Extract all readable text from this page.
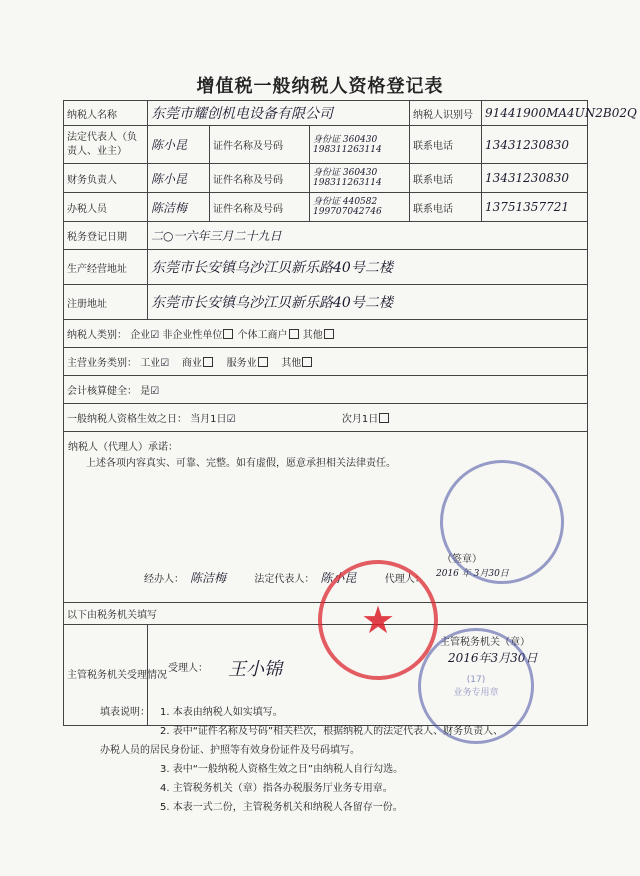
增值税一般纳税人资格登记表
纳税人名称	东莞市耀创机电设备有限公司			纳税人识别号	91441900MA4UN2B02Q
法定代表人（负责人、业主）	陈小昆	证件名称及号码	身份证 360430
198311263114	联系电话	13431230830
财务负责人	陈小昆	证件名称及号码	身份证 360430
198311263114	联系电话	13431230830
办税人员	陈洁梅	证件名称及号码	身份证 440582
199707042746	联系电话	13751357721
税务登记日期	二○一六年三月二十九日				
生产经营地址	东莞市长安镇乌沙江贝新乐路40号二楼				
注册地址	东莞市长安镇乌沙江贝新乐路40号二楼				
纳税人类别： 企业☑ 非企业性单位 个体工商户 其他					
主营业务类别： 工业☑ 商业 服务业 其他					
会计核算健全： 是☑					
一般纳税人资格生效之日： 当月1日☑ 次月1日					

纳税人（代理人）承诺：
上述各项内容真实、可靠、完整。如有虚假，愿意承担相关法律责任。
（签章）
经办人： 陈洁梅 法定代表人： 陈小昆 代理人： 2016 年 3月30日					

以下由税务机关填写					
主管税务机关受理情况	受理人： 王小锦
主管税务机关（章）
2016年3月30日				
★
(17)
业务专用章
填表说明： 1. 本表由纳税人如实填写。
2. 表中“证件名称及号码”相关栏次，根据纳税人的法定代表人、财务负责人、
办税人员的居民身份证、护照等有效身份证件及号码填写。
3. 表中“一般纳税人资格生效之日”由纳税人自行勾选。
4. 主管税务机关（章）指各办税服务厅业务专用章。
5. 本表一式二份，主管税务机关和纳税人各留存一份。
